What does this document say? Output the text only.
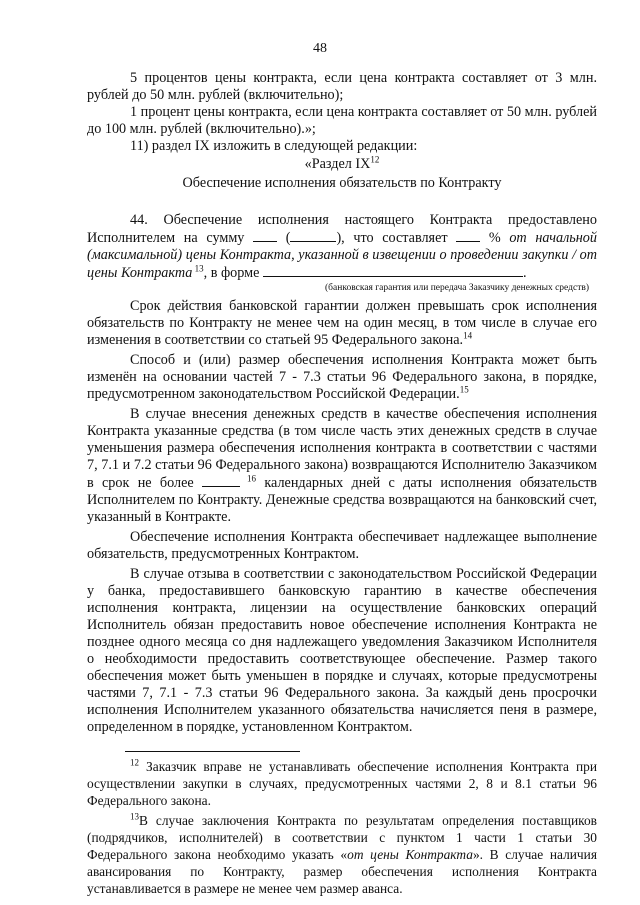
48

5 процентов цены контракта, если цена контракта составляет от 3 млн. рублей до 50 млн. рублей (включительно);

1 процент цены контракта, если цена контракта составляет от 50 млн. рублей до 100 млн. рублей (включительно).»;

11) раздел IX изложить в следующей редакции:

«Раздел IX$^{12}$

Обеспечение исполнения обязательств по Контракту

44. Обеспечение исполнения настоящего Контракта предоставлено Исполнителем на сумму  (	), что составляет  % от начальной (максимальной) цены Контракта, указанной в извещении о проведении закупки / от цены Контракта $^{13}$, в форме	.

(банковская гарантия или передача Заказчику денежных средств)

Срок действия банковской гарантии должен превышать срок исполнения обязательств по Контракту не менее чем на один месяц, в том числе в случае его изменения в соответствии со статьей 95 Федерального закона.$^{14}$

Способ и (или) размер обеспечения исполнения Контракта может быть изменён на основании частей 7 - 7.3 статьи 96 Федерального закона, в порядке, предусмотренном законодательством Российской Федерации.$^{15}$

В случае внесения денежных средств в качестве обеспечения исполнения Контракта указанные средства (в том числе часть этих денежных средств в случае уменьшения размера обеспечения исполнения контракта в соответствии с частями 7, 7.1 и 7.2 статьи 96 Федерального закона) возвращаются Исполнителю Заказчиком в срок не более	$^{16}$ календарных дней с даты исполнения обязательств Исполнителем по Контракту. Денежные средства возвращаются на банковский счет, указанный в Контракте.

Обеспечение исполнения Контракта обеспечивает надлежащее выполнение обязательств, предусмотренных Контрактом.

В случае отзыва в соответствии с законодательством Российской Федерации у банка, предоставившего банковскую гарантию в качестве обеспечения исполнения контракта, лицензии на осуществление банковских операций Исполнитель обязан предоставить новое обеспечение исполнения Контракта не позднее одного месяца со дня надлежащего уведомления Заказчиком Исполнителя о необходимости предоставить соответствующее обеспечение. Размер такого обеспечения может быть уменьшен в порядке и случаях, которые предусмотрены частями 7, 7.1 - 7.3 статьи 96 Федерального закона. За каждый день просрочки исполнения Исполнителем указанного обязательства начисляется пеня в размере, определенном в порядке, установленном Контрактом.

$^{12}$ Заказчик вправе не устанавливать обеспечение исполнения Контракта при осуществлении закупки в случаях, предусмотренных частями 2, 8 и 8.1 статьи 96 Федерального закона.

$^{13}$В случае заключения Контракта по результатам определения поставщиков (подрядчиков, исполнителей) в соответствии с пунктом 1 части 1 статьи 30 Федерального закона необходимо указать «от цены Контракта». В случае наличия авансирования по Контракту, размер обеспечения исполнения Контракта устанавливается в размере не менее чем размер аванса.
